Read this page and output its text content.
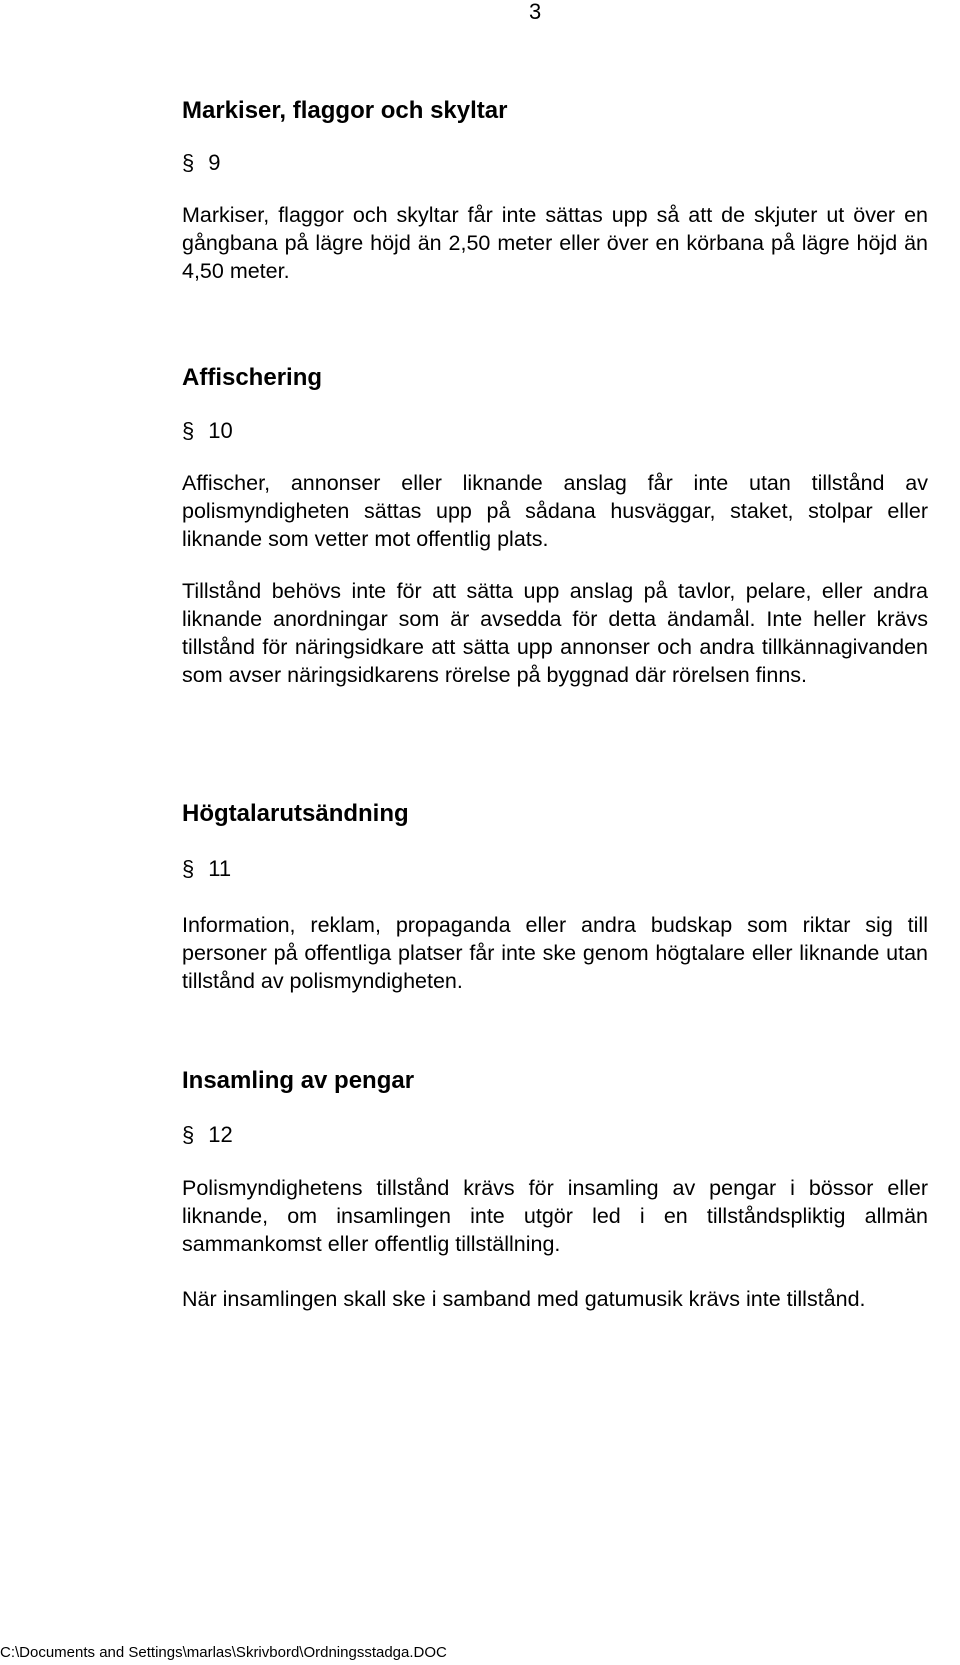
3
Markiser, flaggor och skyltar

§ 9

Markiser, flaggor och skyltar får inte sättas upp så att de skjuter ut över en gångbana på lägre höjd än 2,50 meter eller över en körbana på lägre höjd än 4,50 meter.

Affischering

§ 10

Affischer, annonser eller liknande anslag får inte utan tillstånd av polismyndigheten sättas upp på sådana husväggar, staket, stolpar eller liknande som vetter mot offentlig plats.

Tillstånd behövs inte för att sätta upp anslag på tavlor, pelare, eller andra liknande anordningar som är avsedda för detta ändamål. Inte heller krävs tillstånd för näringsidkare att sätta upp annonser och andra tillkännagivanden som avser näringsidkarens rörelse på byggnad där rörelsen finns.

Högtalarutsändning

§ 11

Information, reklam, propaganda eller andra budskap som riktar sig till personer på offentliga platser får inte ske genom högtalare eller liknande utan tillstånd av polismyndigheten.

Insamling av pengar

§ 12

Polismyndighetens tillstånd krävs för insamling av pengar i bössor eller liknande, om insamlingen inte utgör led i en tillståndspliktig allmän sammankomst eller offentlig tillställning.

När insamlingen skall ske i samband med gatumusik krävs inte tillstånd.

C:\Documents and Settings\marlas\Skrivbord\Ordningsstadga.DOC
